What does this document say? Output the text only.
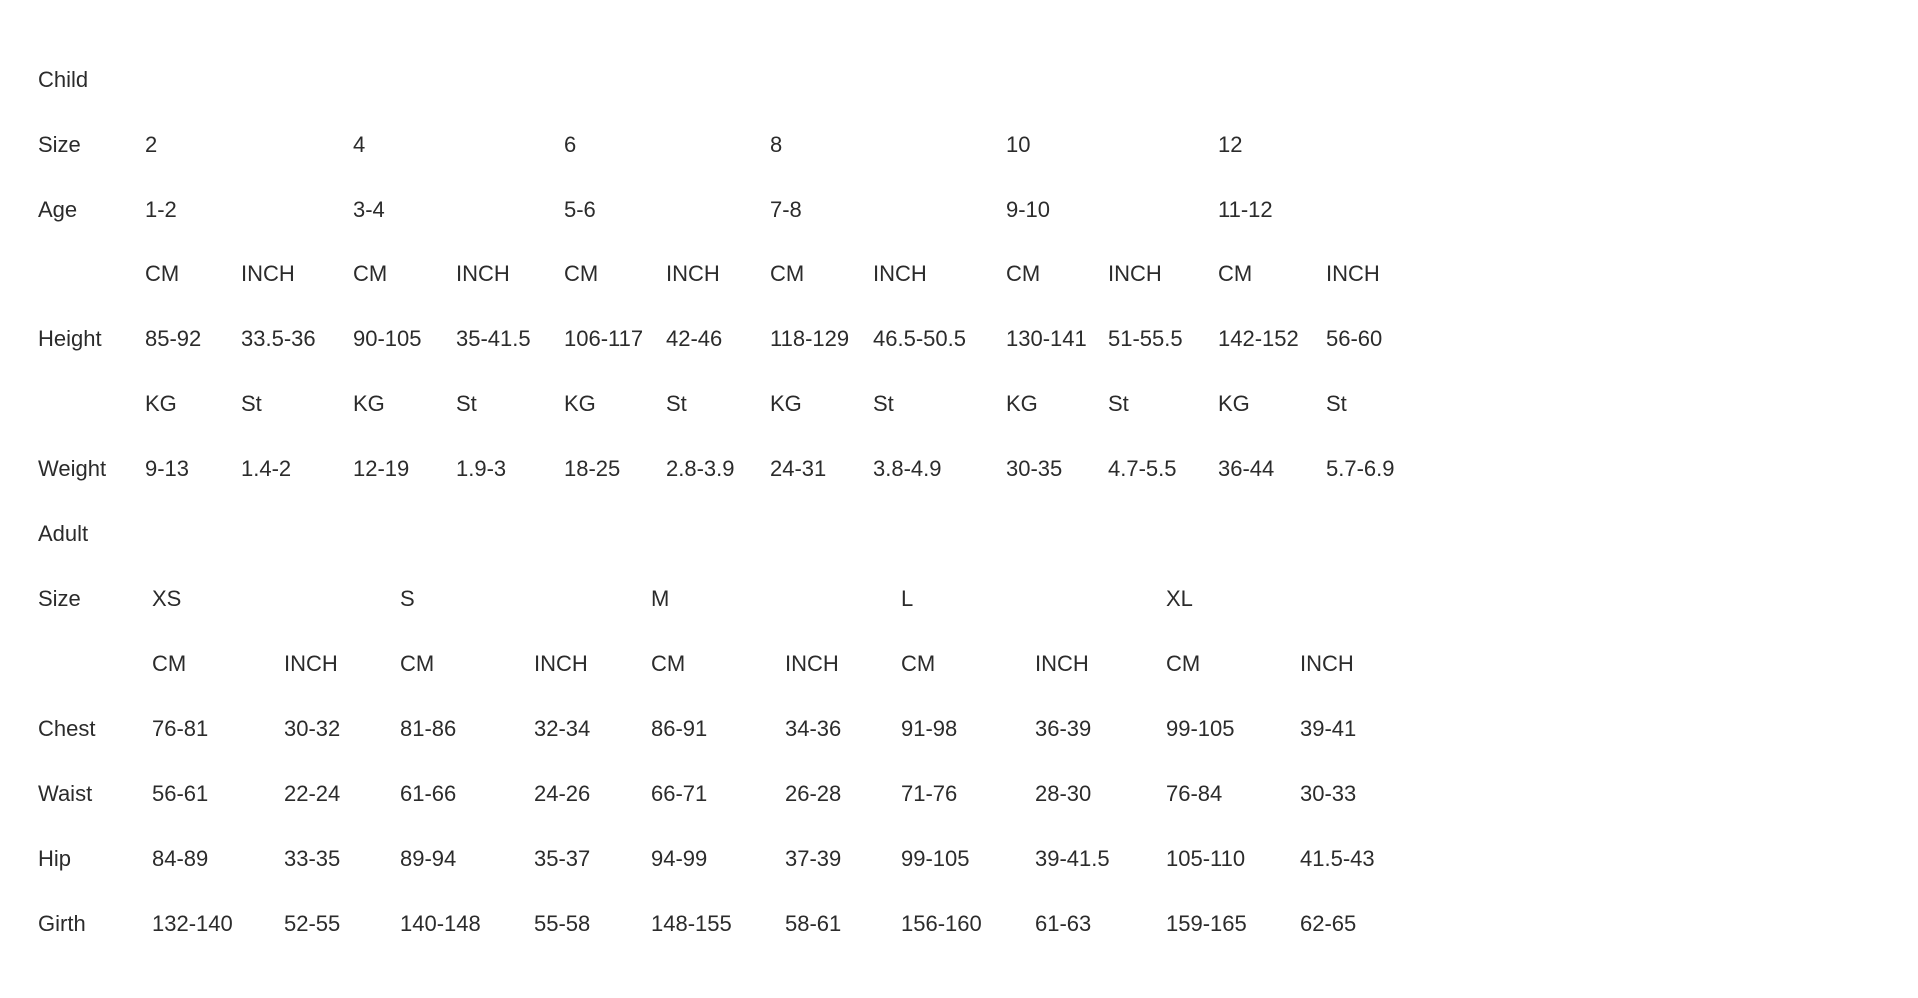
Child
Size	2	4	6	8	10	12
Age	1-2	3-4	5-6	7-8	9-10	11-12
CM	INCH	CM	INCH CM	INCH CM	INCH	CM	INCH	CM	INCH
Height 85-92 33.5-36 90-105 35-41.5 106-117 42-46 118-129 46.5-50.5 130-141 51-55.5 142-152 56-60
KG	St	KG	St	KG	St	KG	St	KG	St	KG	St
Weight 9-13 1.4-2	12-19 1.9-3	18-25 2.8-3.9 24-31 3.8-4.9	30-35 4.7-5.5 36-44 5.7-6.9
Adult
Size	XS	S	M	L	XL
CM	INCH	CM	INCH	CM	INCH	CM	INCH	CM	INCH
Chest	76-81	30-32	81-86	32-34	86-91	34-36	91-98	36-39	99-105	39-41
Waist	56-61	22-24	61-66	24-26	66-71	26-28	71-76	28-30	76-84	30-33
Hip	84-89	33-35	89-94	35-37	94-99	37-39	99-105	39-41.5	105-110 41.5-43
Girth	132-140 52-55	140-148 55-58	148-155 58-61	156-160 61-63	159-165 62-65
